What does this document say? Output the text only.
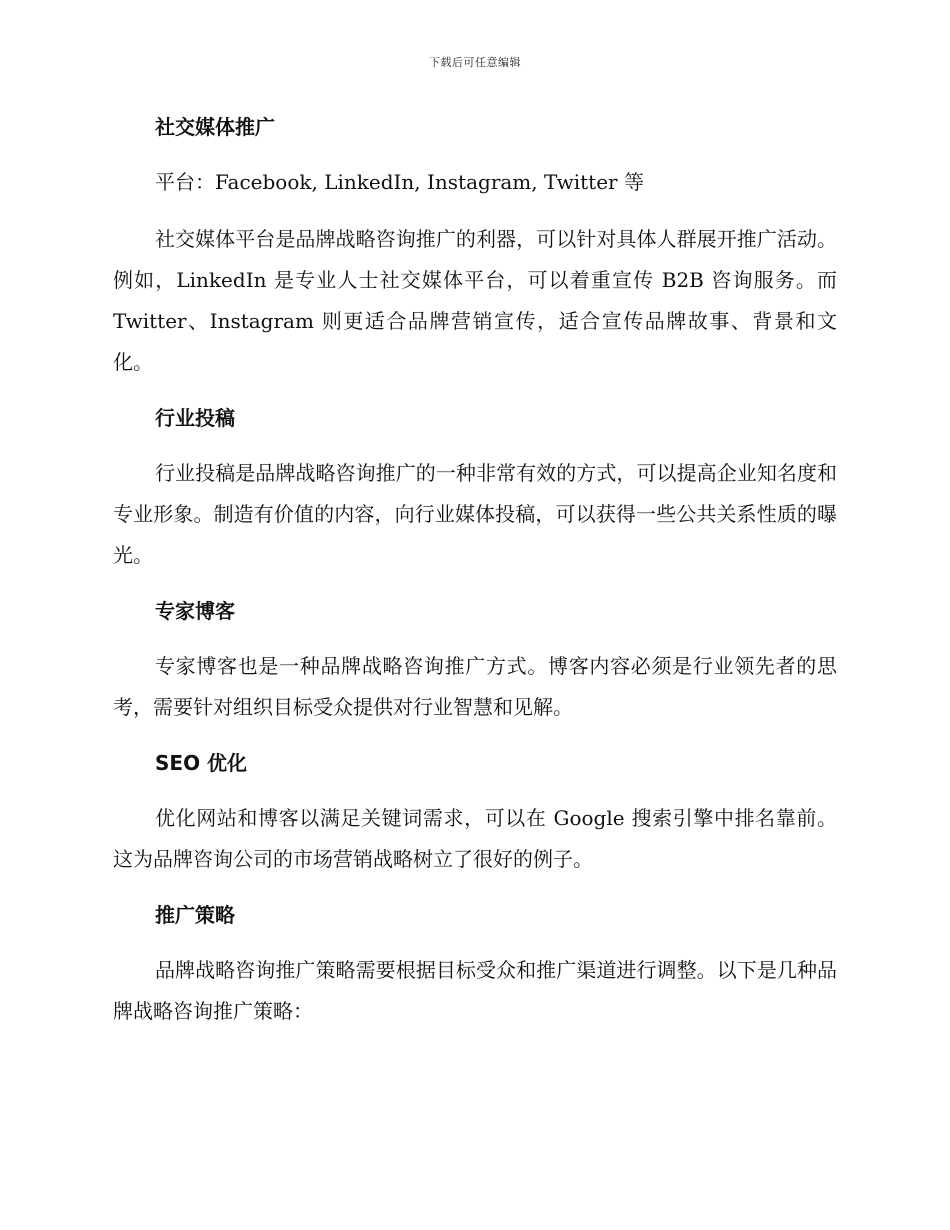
下载后可任意编辑
社交媒体推广

平台：Facebook, LinkedIn, Instagram, Twitter 等

社交媒体平台是品牌战略咨询推广的利器，可以针对具体人群展开推广活动。例如，LinkedIn 是专业人士社交媒体平台，可以着重宣传 B2B 咨询服务。而 Twitter、Instagram 则更适合品牌营销宣传，适合宣传品牌故事、背景和文化。

行业投稿

行业投稿是品牌战略咨询推广的一种非常有效的方式，可以提高企业知名度和专业形象。制造有价值的内容，向行业媒体投稿，可以获得一些公共关系性质的曝光。

专家博客

专家博客也是一种品牌战略咨询推广方式。博客内容必须是行业领先者的思考，需要针对组织目标受众提供对行业智慧和见解。

SEO 优化

优化网站和博客以满足关键词需求，可以在 Google 搜索引擎中排名靠前。这为品牌咨询公司的市场营销战略树立了很好的例子。

推广策略

品牌战略咨询推广策略需要根据目标受众和推广渠道进行调整。以下是几种品牌战略咨询推广策略：
